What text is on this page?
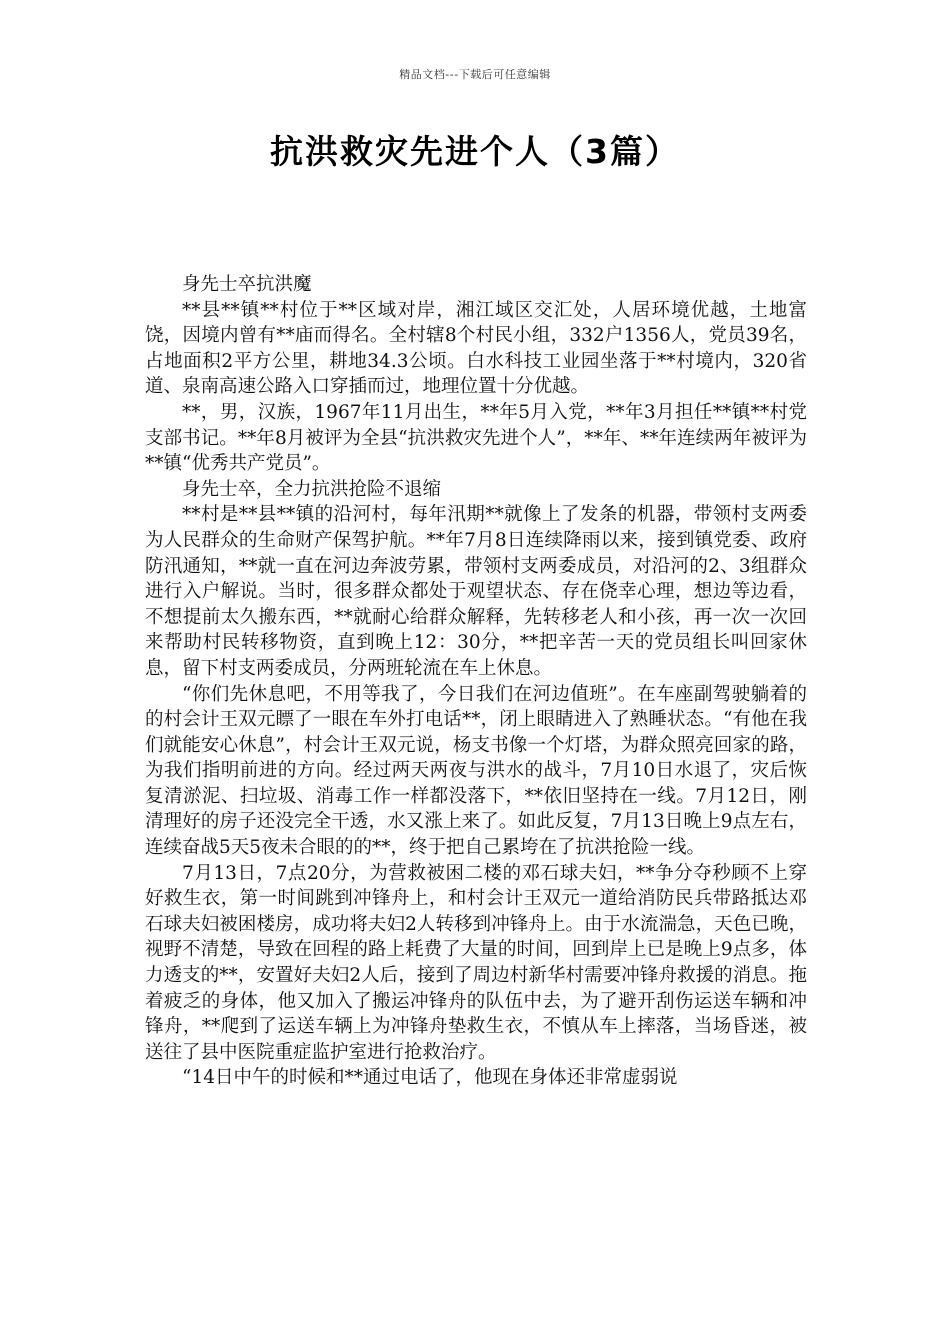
精品文档---下载后可任意编辑
抗洪救灾先进个人（3篇）

身先士卒抗洪魔

**县**镇**村位于**区域对岸，湘江域区交汇处，人居环境优越，土地富饶，因境内曾有**庙而得名。全村辖8个村民小组，332户1356人，党员39名，占地面积2平方公里，耕地34.3公顷。白水科技工业园坐落于**村境内，320省道、泉南高速公路入口穿插而过，地理位置十分优越。

**，男，汉族，1967年11月出生，**年5月入党，**年3月担任**镇**村党支部书记。**年8月被评为全县“抗洪救灾先进个人”，**年、**年连续两年被评为**镇“优秀共产党员”。

身先士卒，全力抗洪抢险不退缩

**村是**县**镇的沿河村，每年汛期**就像上了发条的机器，带领村支两委为人民群众的生命财产保驾护航。**年7月8日连续降雨以来，接到镇党委、政府防汛通知，**就一直在河边奔波劳累，带领村支两委成员，对沿河的2、3组群众进行入户解说。当时，很多群众都处于观望状态、存在侥幸心理，想边等边看，不想提前太久搬东西，**就耐心给群众解释，先转移老人和小孩，再一次一次回来帮助村民转移物资，直到晚上12：30分，**把辛苦一天的党员组长叫回家休息，留下村支两委成员，分两班轮流在车上休息。

“你们先休息吧，不用等我了，今日我们在河边值班”。在车座副驾驶躺着的的村会计王双元瞟了一眼在车外打电话**，闭上眼睛进入了熟睡状态。“有他在我们就能安心休息”，村会计王双元说，杨支书像一个灯塔，为群众照亮回家的路，为我们指明前进的方向。经过两天两夜与洪水的战斗，7月10日水退了，灾后恢复清淤泥、扫垃圾、消毒工作一样都没落下，**依旧坚持在一线。7月12日，刚清理好的房子还没完全干透，水又涨上来了。如此反复，7月13日晚上9点左右，连续奋战5天5夜未合眼的的**，终于把自己累垮在了抗洪抢险一线。

7月13日，7点20分，为营救被困二楼的邓石球夫妇，**争分夺秒顾不上穿好救生衣，第一时间跳到冲锋舟上，和村会计王双元一道给消防民兵带路抵达邓石球夫妇被困楼房，成功将夫妇2人转移到冲锋舟上。由于水流湍急，天色已晚，视野不清楚，导致在回程的路上耗费了大量的时间，回到岸上已是晚上9点多，体力透支的**，安置好夫妇2人后，接到了周边村新华村需要冲锋舟救援的消息。拖着疲乏的身体，他又加入了搬运冲锋舟的队伍中去，为了避开刮伤运送车辆和冲锋舟，**爬到了运送车辆上为冲锋舟垫救生衣，不慎从车上摔落，当场昏迷，被送往了县中医院重症监护室进行抢救治疗。

“14日中午的时候和**通过电话了，他现在身体还非常虚弱说
